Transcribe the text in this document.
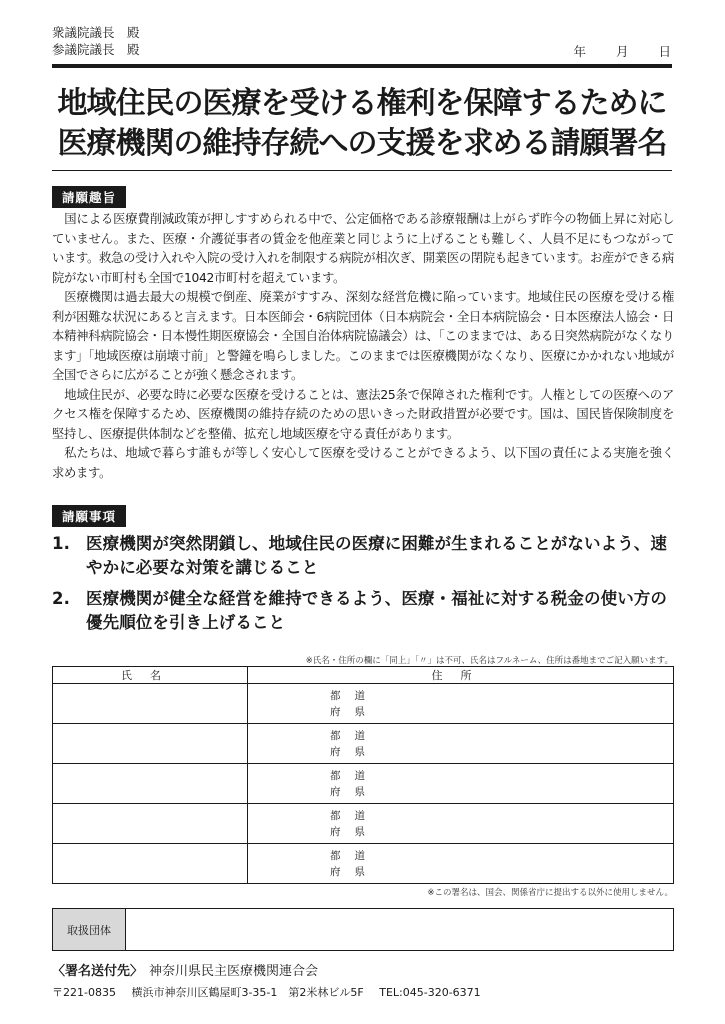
衆議院議長　殿
参議院議長　殿	年 月 日
地域住民の医療を受ける権利を保障するために
医療機関の維持存続への支援を求める請願署名
請願趣旨

国による医療費削減政策が押しすすめられる中で、公定価格である診療報酬は上がらず昨今の物価上昇に対応していません。また、医療・介護従事者の賃金を他産業と同じように上げることも難しく、人員不足にもつながっています。救急の受け入れや入院の受け入れを制限する病院が相次ぎ、開業医の閉院も起きています。お産ができる病院がない市町村も全国で1042市町村を超えています。

医療機関は過去最大の規模で倒産、廃業がすすみ、深刻な経営危機に陥っています。地域住民の医療を受ける権利が困難な状況にあると言えます。日本医師会・6病院団体（日本病院会・全日本病院協会・日本医療法人協会・日本精神科病院協会・日本慢性期医療協会・全国自治体病院協議会）は、「このままでは、ある日突然病院がなくなります」「地域医療は崩壊寸前」と警鐘を鳴らしました。このままでは医療機関がなくなり、医療にかかれない地域が全国でさらに広がることが強く懸念されます。

地域住民が、必要な時に必要な医療を受けることは、憲法25条で保障された権利です。人権としての医療へのアクセス権を保障するため、医療機関の維持存続のための思いきった財政措置が必要です。国は、国民皆保険制度を堅持し、医療提供体制などを整備、拡充し地域医療を守る責任があります。

私たちは、地域で暮らす誰もが等しく安心して医療を受けることができるよう、以下国の責任による実施を強く求めます。

請願事項
1. 医療機関が突然閉鎖し、地域住民の医療に困難が生まれることがないよう、速やかに必要な対策を講じること
2. 医療機関が健全な経営を維持できるよう、医療・福祉に対する税金の使い方の優先順位を引き上げること
※氏名・住所の欄に「同上」「〃」は不可、氏名はフルネーム、住所は番地までご記入願います。
氏名	住所

	都道
府県

	都道
府県

	都道
府県

	都道
府県

	都道
府県
※この署名は、国会、関係省庁に提出する以外に使用しません。
取扱団体
〈署名送付先〉 神奈川県民主医療機関連合会
〒221-0835 横浜市神奈川区鶴屋町3-35-1　第2米林ビル5F TEL:045-320-6371
